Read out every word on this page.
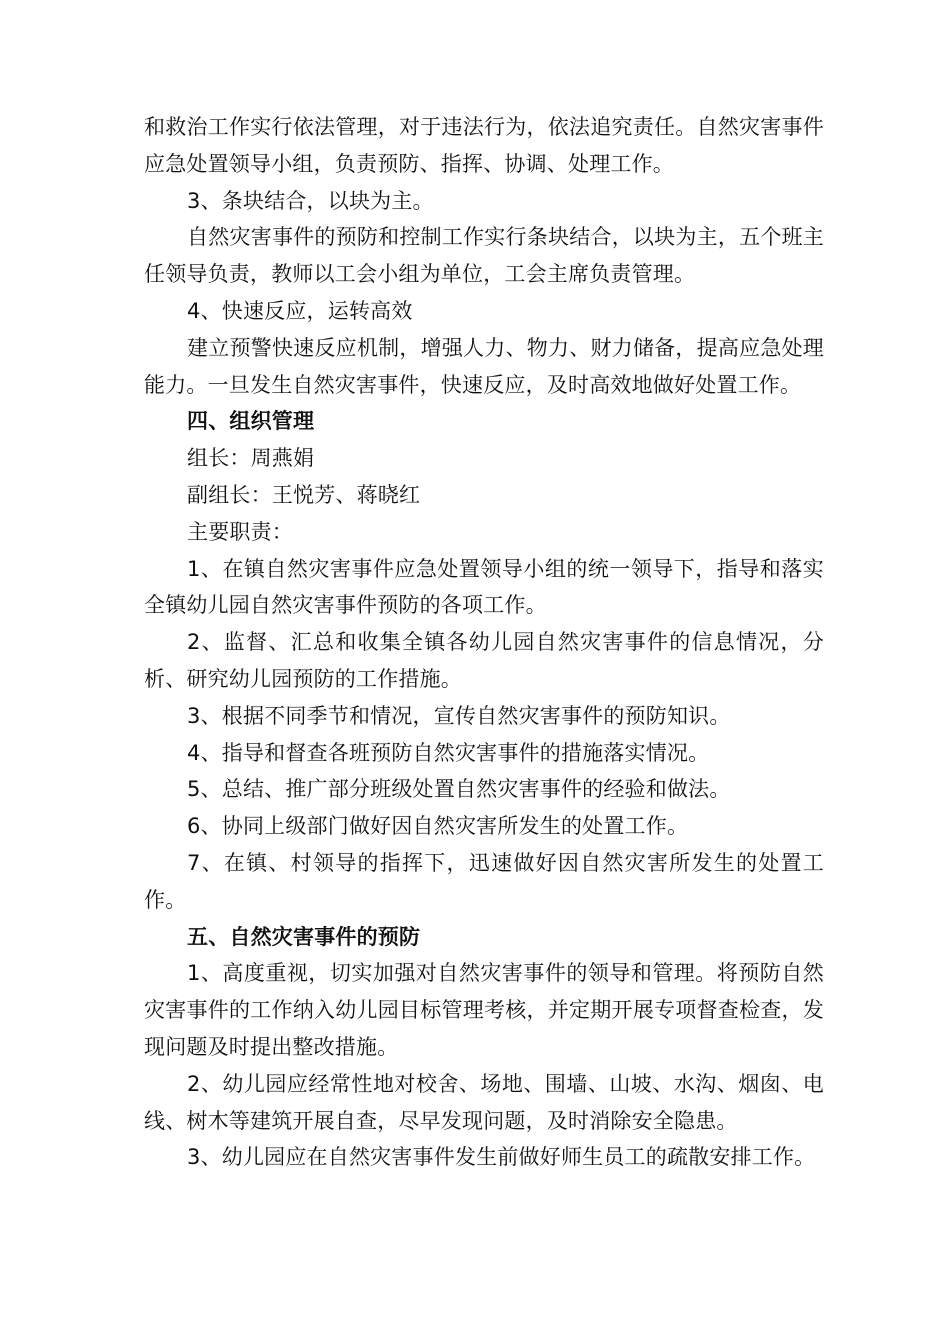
和救治工作实行依法管理，对于违法行为，依法追究责任。自然灾害事件应急处置领导小组，负责预防、指挥、协调、处理工作。

3、条块结合，以块为主。

自然灾害事件的预防和控制工作实行条块结合，以块为主，五个班主任领导负责，教师以工会小组为单位，工会主席负责管理。

4、快速反应，运转高效

建立预警快速反应机制，增强人力、物力、财力储备，提高应急处理能力。一旦发生自然灾害事件，快速反应，及时高效地做好处置工作。

四、组织管理

组长：周燕娟

副组长：王悦芳、蒋晓红

主要职责：

1、在镇自然灾害事件应急处置领导小组的统一领导下，指导和落实全镇幼儿园自然灾害事件预防的各项工作。

2、监督、汇总和收集全镇各幼儿园自然灾害事件的信息情况，分析、研究幼儿园预防的工作措施。

3、根据不同季节和情况，宣传自然灾害事件的预防知识。

4、指导和督查各班预防自然灾害事件的措施落实情况。

5、总结、推广部分班级处置自然灾害事件的经验和做法。

6、协同上级部门做好因自然灾害所发生的处置工作。

7、在镇、村领导的指挥下，迅速做好因自然灾害所发生的处置工作。

五、自然灾害事件的预防

1、高度重视，切实加强对自然灾害事件的领导和管理。将预防自然灾害事件的工作纳入幼儿园目标管理考核，并定期开展专项督查检查，发现问题及时提出整改措施。

2、幼儿园应经常性地对校舍、场地、围墙、山坡、水沟、烟囱、电线、树木等建筑开展自查，尽早发现问题，及时消除安全隐患。

3、幼儿园应在自然灾害事件发生前做好师生员工的疏散安排工作。
